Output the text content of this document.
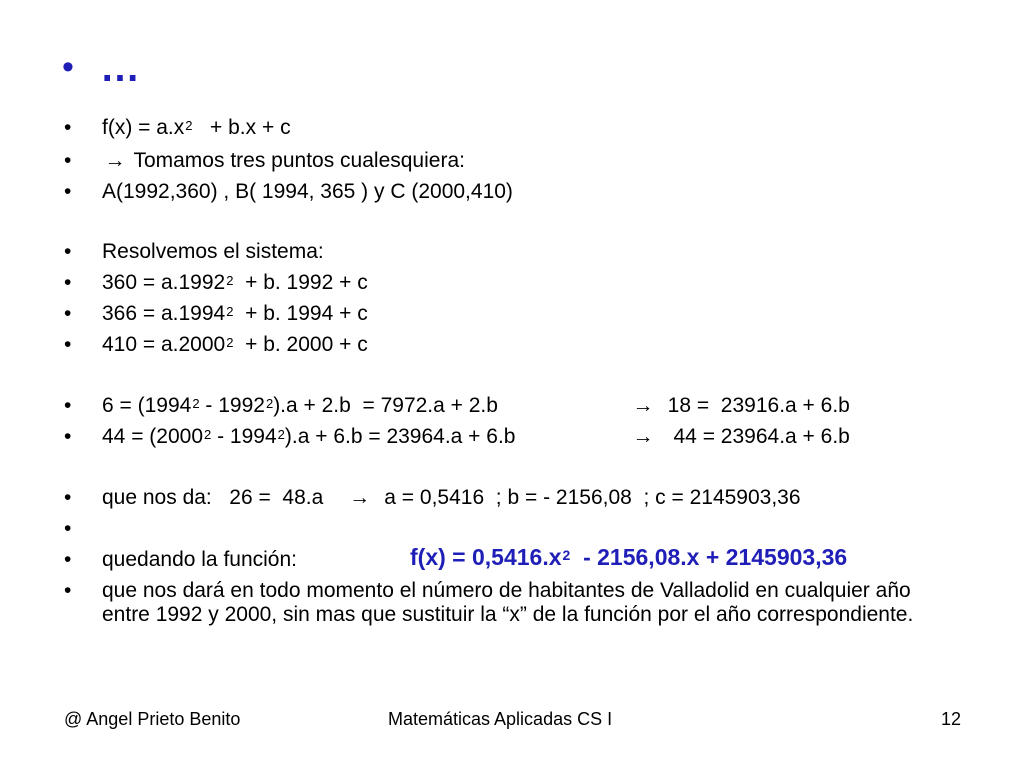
• …
• $f(x) = a.x^2 + b.x + c$
• → Tomamos tres puntos cualesquiera:
• A(1992,360) , B( 1994, 365 ) y C (2000,410)
• Resolvemos el sistema:
• $360 = a.1992^2 + b$. 1992 + c
• $366 = a.1994^2 + b$. 1994 + c
• $410 = a.2000^2 + b$. 2000 + c
• $6 = (1994^2 - 1992^2).a + 2.b = 7972.a + 2.b$	→ 18 =  23916.a + 6.b
• $44 = (2000^2 - 1994^2).a + 6.b = 23964.a + 6.b$	→   44 = 23964.a + 6.b
• que nos da:   26 =  48.a → a = 0,5416  ; b = - 2156,08  ; c = 2145903,36
•
• quedando la función:	$f(x) = 0,5416.x^2 - 2156,08.x + 2145903,36$
• que nos dará en todo momento el número de habitantes de Valladolid en cualquier año entre 1992 y 2000, sin mas que sustituir la “x” de la función por el año correspondiente.
@ Angel Prieto Benito	Matemáticas Aplicadas CS I	12
